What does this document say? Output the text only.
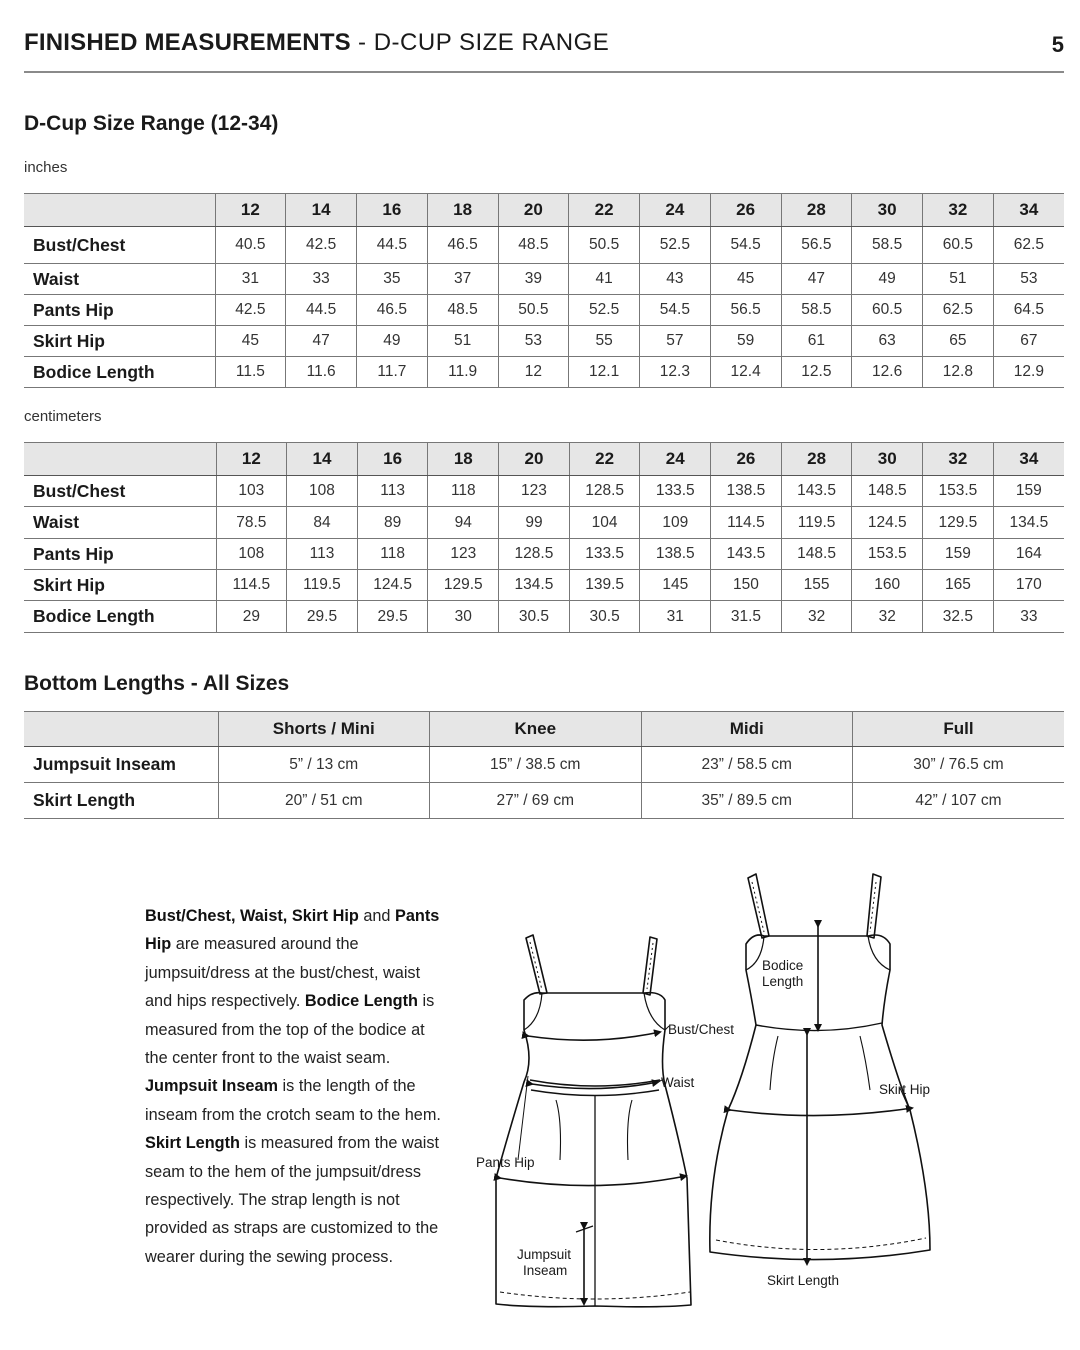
FINISHED MEASUREMENTS - D-CUP SIZE RANGE	5
D-Cup Size Range (12-34)
inches
	12	14	16	18	20	22	24	26	28	30	32	34
Bust/Chest	40.5	42.5	44.5	46.5	48.5	50.5	52.5	54.5	56.5	58.5	60.5	62.5
Waist	31	33	35	37	39	41	43	45	47	49	51	53
Pants Hip	42.5	44.5	46.5	48.5	50.5	52.5	54.5	56.5	58.5	60.5	62.5	64.5
Skirt Hip	45	47	49	51	53	55	57	59	61	63	65	67
Bodice Length	11.5	11.6	11.7	11.9	12	12.1	12.3	12.4	12.5	12.6	12.8	12.9
centimeters
	12	14	16	18	20	22	24	26	28	30	32	34
Bust/Chest	103	108	113	118	123	128.5	133.5	138.5	143.5	148.5	153.5	159
Waist	78.5	84	89	94	99	104	109	114.5	119.5	124.5	129.5	134.5
Pants Hip	108	113	118	123	128.5	133.5	138.5	143.5	148.5	153.5	159	164
Skirt Hip	114.5	119.5	124.5	129.5	134.5	139.5	145	150	155	160	165	170
Bodice Length	29	29.5	29.5	30	30.5	30.5	31	31.5	32	32	32.5	33
Bottom Lengths - All Sizes
	Shorts / Mini	Knee	Midi	Full
Jumpsuit Inseam	5” / 13 cm	15” / 38.5 cm	23” / 58.5 cm	30” / 76.5 cm
Skirt Length	20” / 51 cm	27” / 69 cm	35” / 89.5 cm	42” / 107 cm
Bust/Chest, Waist, Skirt Hip and Pants Hip are measured around the jumpsuit/dress at the bust/chest, waist and hips respectively. Bodice Length is measured from the top of the bodice at the center front to the waist seam. Jumpsuit Inseam is the length of the inseam from the crotch seam to the hem. Skirt Length is measured from the waist seam to the hem of the jumpsuit/dress respectively. The strap length is not provided as straps are customized to the wearer during the sewing process.
Bust/Chest
Waist
Pants Hip
Jumpsuit
Inseam
Bodice
Length
Skirt Hip
Skirt Length
